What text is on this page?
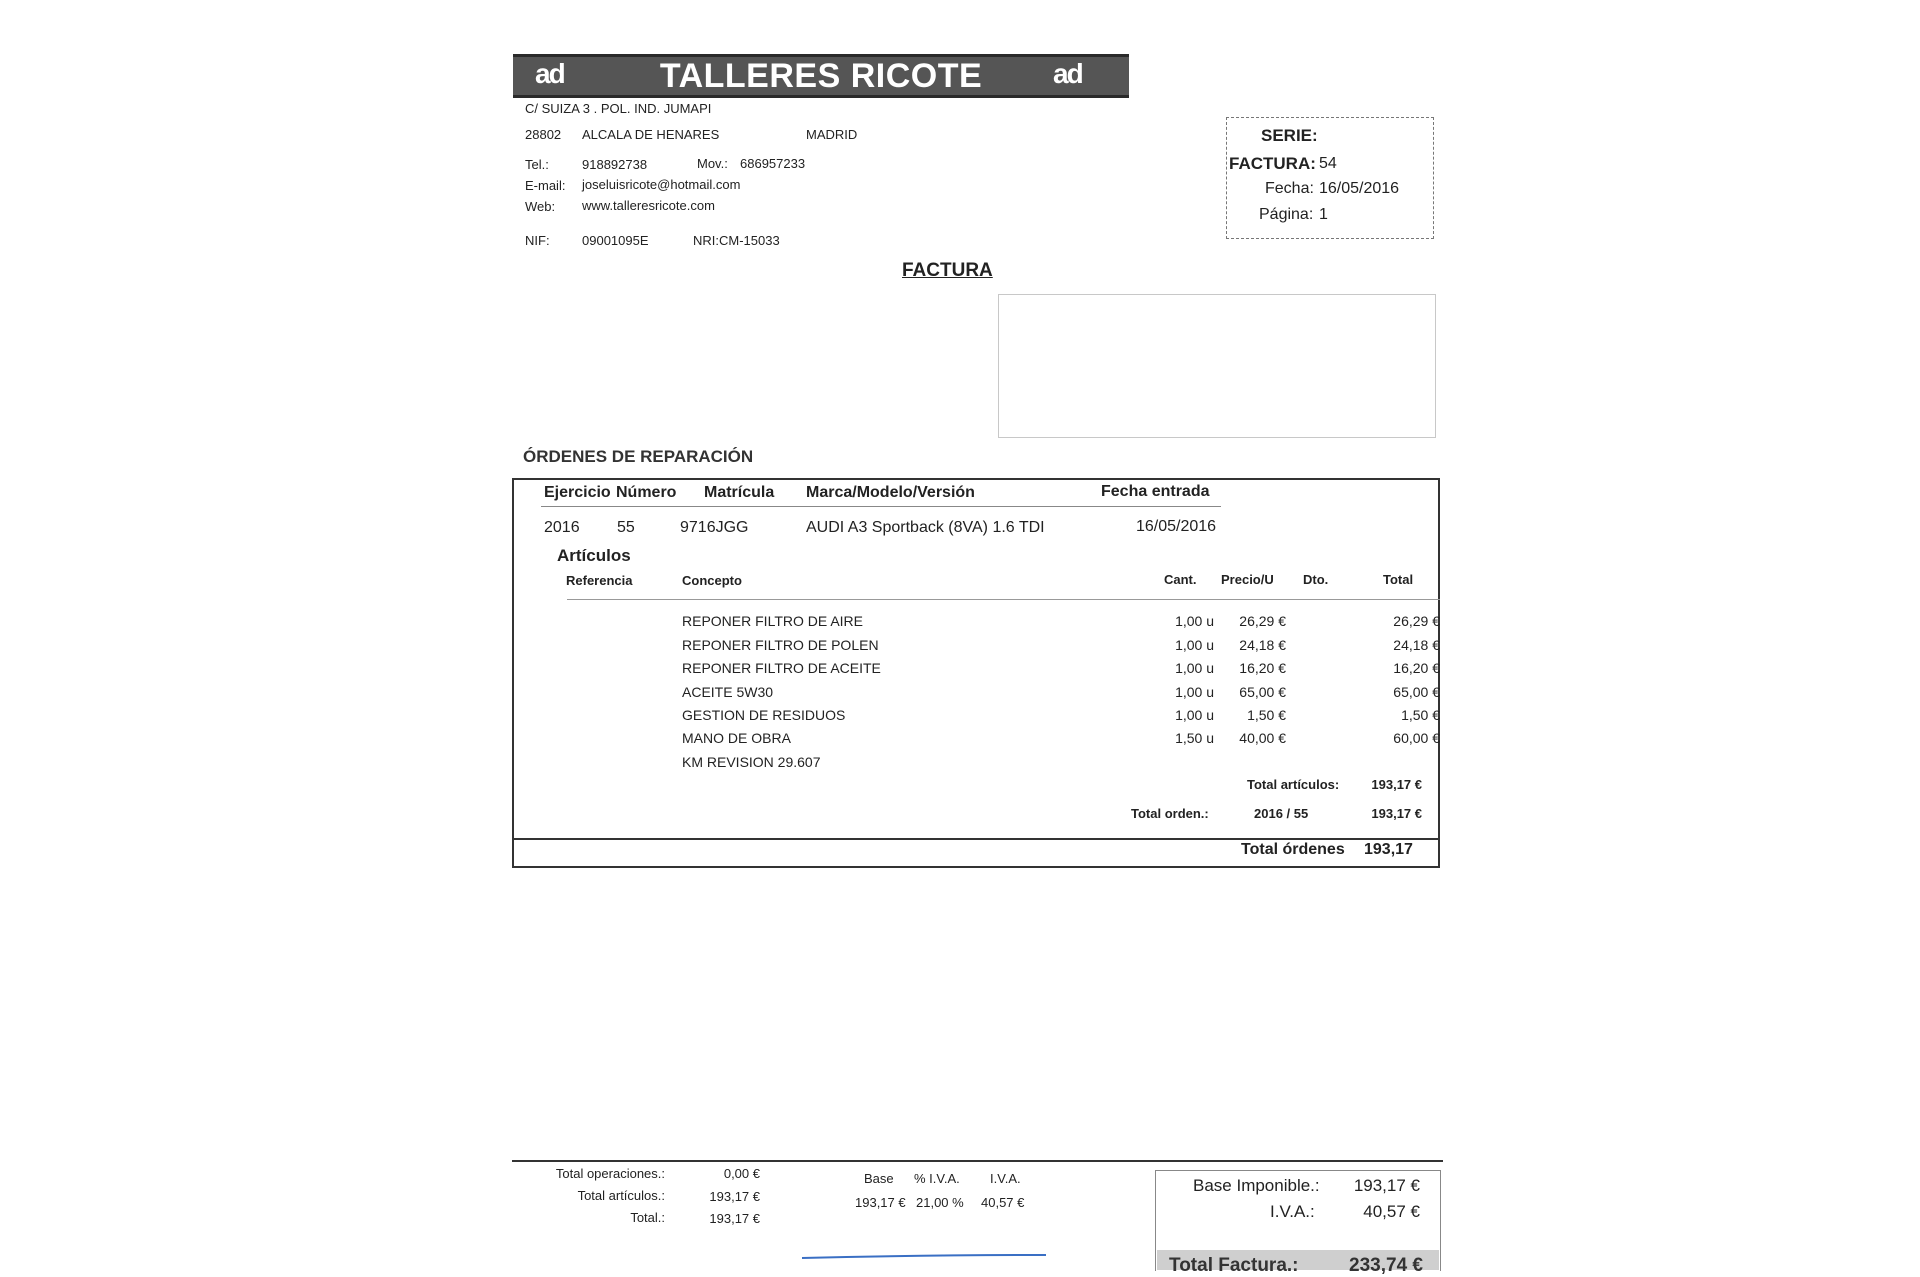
TALLERES RICOTE
ad	ad
C/ SUIZA 3 . POL. IND. JUMAPI
28802 ALCALA DE HENARES	MADRID
Tel.:	918892738	Mov.: 686957233
E-mail: joseluisricote@hotmail.com
Web: www.talleresricote.com
NIF: 09001095E	NRI:CM-15033
SERIE:
FACTURA: 54
Fecha: 16/05/2016
Página: 1
FACTURA
ÓRDENES DE REPARACIÓN
Ejercicio Número Matrícula Marca/Modelo/Versión	Fecha entrada
2016 55	9716JGG	AUDI A3 Sportback (8VA) 1.6 TDI	16/05/2016
Artículos
Referencia	Concepto	Cant. Precio/U Dto.	Total
REPONER FILTRO DE AIRE	1,00 u	26,29 €	26,29 €
REPONER FILTRO DE POLEN	1,00 u	24,18 €	24,18 €
REPONER FILTRO DE ACEITE	1,00 u	16,20 €	16,20 €
ACEITE 5W30	1,00 u	65,00 €	65,00 €
GESTION DE RESIDUOS	1,00 u	1,50 €	1,50 €
MANO DE OBRA	1,50 u	40,00 €	60,00 €
KM REVISION 29.607
Total artículos:	193,17 €
Total orden.:	2016 / 55	193,17 €
Total órdenes 193,17
Total operaciones.:	0,00 €
Total artículos.:	193,17 €
Total.:	193,17 €
Base % I.V.A. I.V.A.
193,17 € 21,00 % 40,57 €
Base Imponible.:	193,17 €
I.V.A.:	40,57 €
Total Factura.:	233,74 €
